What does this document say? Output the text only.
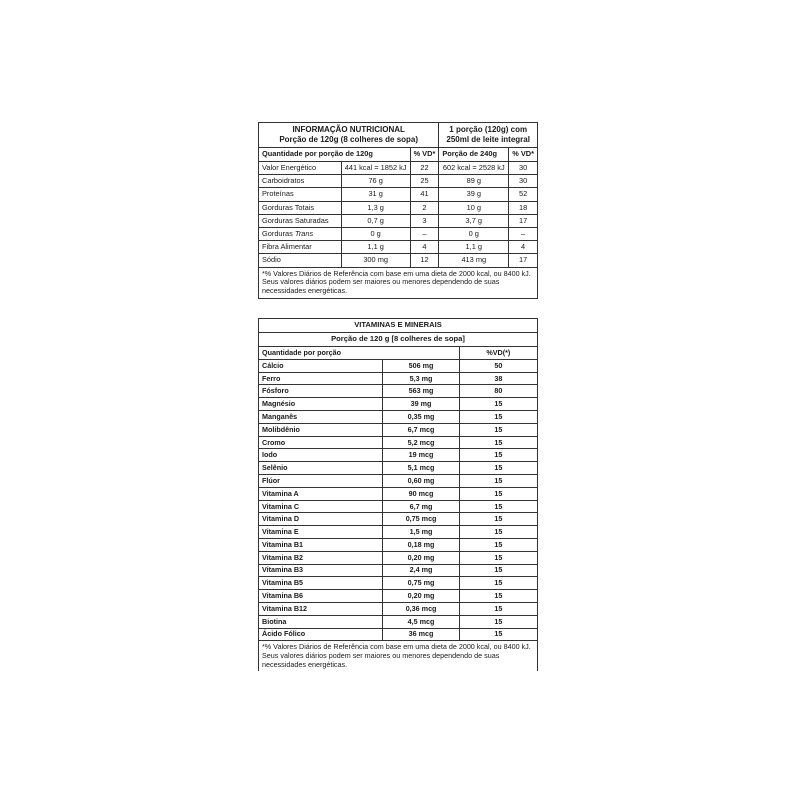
INFORMAÇÃO NUTRICIONAL
Porção de 120g (8 colheres de sopa)			1 porção (120g) com 250ml de leite integral	
Quantidade por porção de 120g		% VD*	Porção de 240g	% VD*
Valor Energético	441 kcal = 1852 kJ	22	602 kcal = 2528 kJ	30
Carboidratos	76 g	25	89 g	30
Proteínas	31 g	41	39 g	52
Gorduras Totais	1,3 g	2	10 g	18
Gorduras Saturadas	0,7 g	3	3,7 g	17
Gorduras Trans	0 g	–	0 g	–
Fibra Alimentar	1,1 g	4	1,1 g	4
Sódio	300 mg	12	413 mg	17
*% Valores Diários de Referência com base em uma dieta de 2000 kcal, ou 8400 kJ. Seus valores diários podem ser maiores ou menores dependendo de suas necessidades energéticas.				
VITAMINAS E MINERAIS		
Porção de 120 g [8 colheres de sopa]		
Quantidade por porção		%VD(*)
Cálcio	506 mg	50
Ferro	5,3 mg	38
Fósforo	563 mg	80
Magnésio	39 mg	15
Manganês	0,35 mg	15
Molibdênio	6,7 mcg	15
Cromo	5,2 mcg	15
Iodo	19 mcg	15
Selênio	5,1 mcg	15
Flúor	0,60 mg	15
Vitamina A	90 mcg	15
Vitamina C	6,7 mg	15
Vitamina D	0,75 mcg	15
Vitamina E	1,5 mg	15
Vitamina B1	0,18 mg	15
Vitamina B2	0,20 mg	15
Vitamina B3	2,4 mg	15
Vitamina B5	0,75 mg	15
Vitamina B6	0,20 mg	15
Vitamina B12	0,36 mcg	15
Biotina	4,5 mcg	15
Ácido Fólico	36 mcg	15
*% Valores Diários de Referência com base em uma dieta de 2000 kcal, ou 8400 kJ. Seus valores diários podem ser maiores ou menores dependendo de suas necessidades energéticas.		
